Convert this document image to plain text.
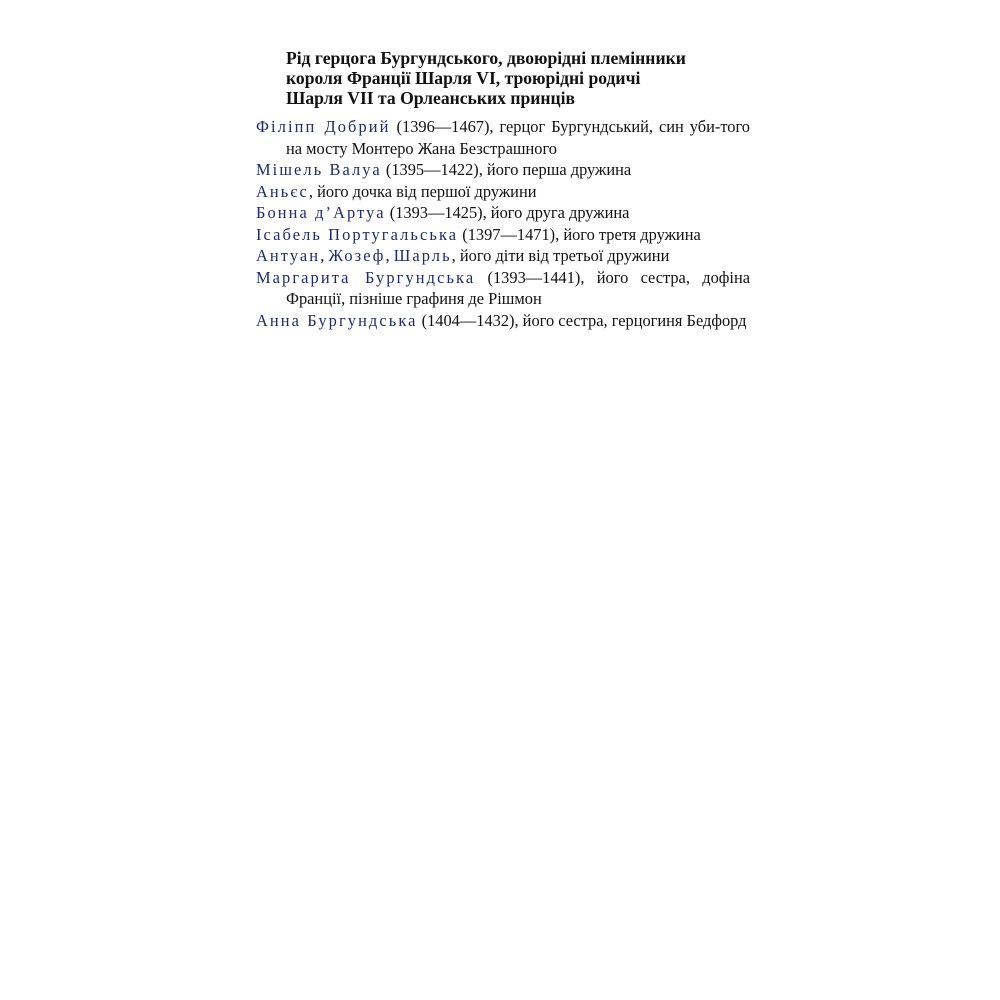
Рід герцога Бургундського, двоюрідні племінники
короля Франції Шарля VI, троюрідні родичі
Шарля VII та Орлеанських принців
Філіпп Добрий (1396—1467), герцог Бургундський, син уби-того на мосту Монтеро Жана Безстрашного
Мішель Валуа (1395—1422), його перша дружина
Аньєс, його дочка від першої дружини
Бонна д’Артуа (1393—1425), його друга дружина
Ісабель Португальська (1397—1471), його третя дружина
Антуан, Жозеф, Шарль, його діти від третьої дружини
Маргарита Бургундська (1393—1441), його сестра, дофіна Франції, пізніше графиня де Рішмон
Анна Бургундська (1404—1432), його сестра, герцогиня Бедфорд
